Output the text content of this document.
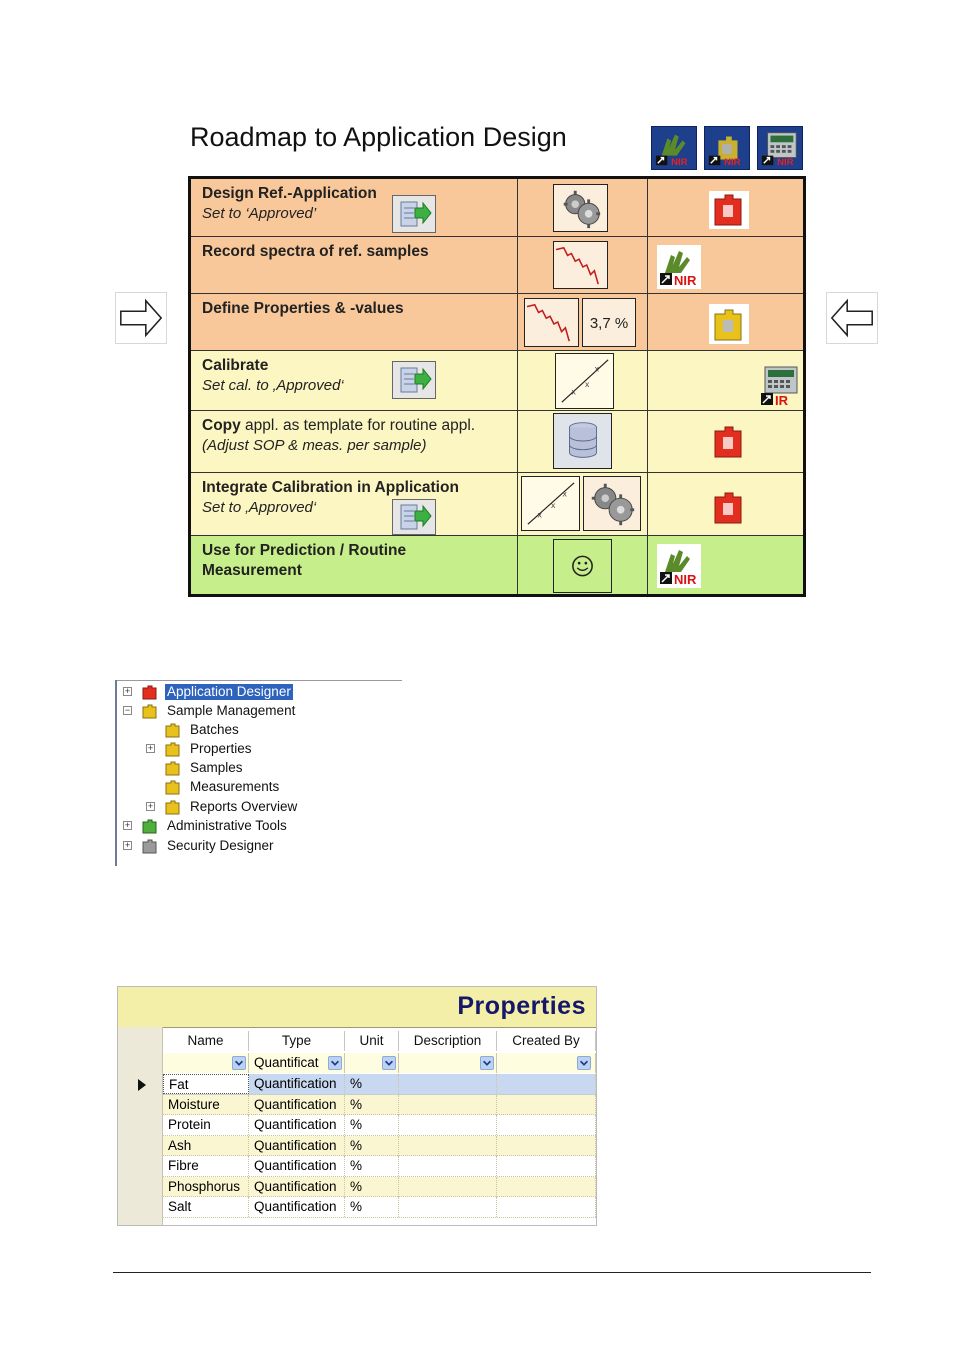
Roadmap to Application Design
NIR	NIR	NIR
Design Ref.-Application
Set to ‘Approved’
Record spectra of ref. samples
NIR
Define Properties & -values
3,7 %
Calibrate
Set cal. to ‚Approved‘
x
x
x
IR
Copy appl. as template for routine appl.
(Adjust SOP & meas. per sample)
Integrate Calibration in Application
Set to ‚Approved‘
x
x
x
Use for Prediction / Routine
Measurement
NIR
+	Application Designer
−	Sample Management
Batches
+	Properties
Samples
Measurements
+	Reports Overview
+	Administrative Tools
+	Security Designer
Properties
Name	Type	Unit	Description	Created By
Quantificat
Fat	Quantification %
Moisture	Quantification %
Protein	Quantification %
Ash	Quantification %
Fibre	Quantification %
Phosphorus	Quantification %
Salt	Quantification %
